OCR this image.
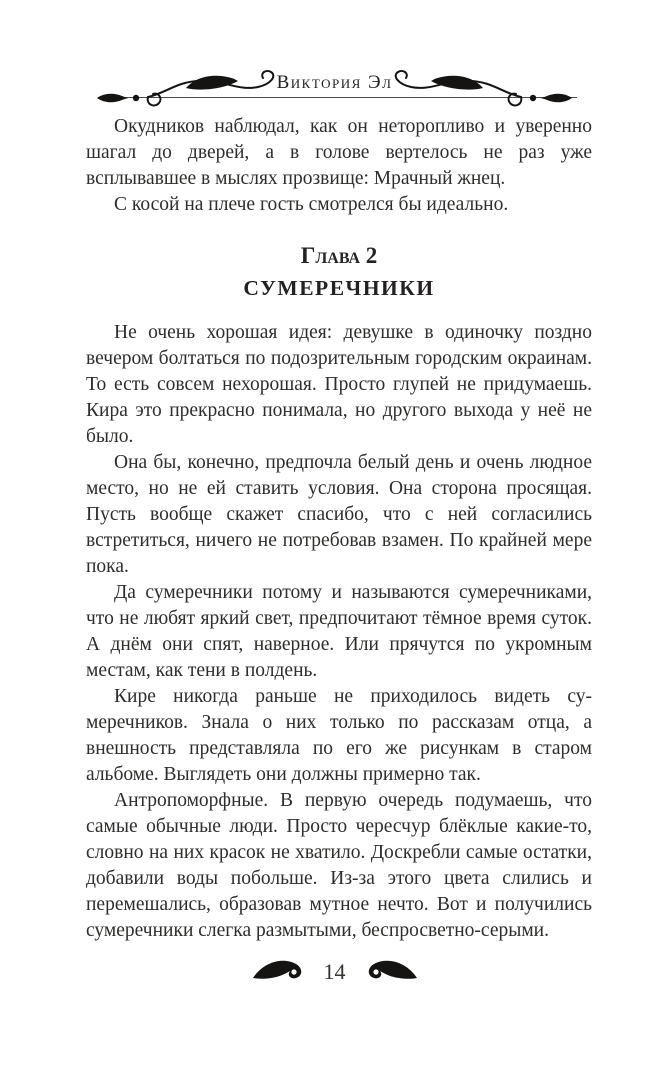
Виктория Эл

Окудников наблюдал, как он неторопливо и уверенно шагал до дверей, а в голове вертелось не раз уже всплывавшее в мыслях прозвище: Мрачный жнец.

С косой на плече гость смотрелся бы идеально.

Глава 2
СУМЕРЕЧНИКИ

Не очень хорошая идея: девушке в одиночку поздно вечером болтаться по подозрительным городским окраинам. То есть совсем нехорошая. Просто глупей не придумаешь. Кира это прекрасно понимала, но другого выхода у неё не было.

Она бы, конечно, предпочла белый день и очень людное место, но не ей ставить условия. Она сторона просящая. Пусть вообще скажет спасибо, что с ней согласились встретиться, ничего не потребовав взамен. По крайней мере пока.

Да сумеречники потому и называются сумеречниками, что не любят яркий свет, предпочитают тёмное время суток. А днём они спят, наверное. Или прячутся по укромным местам, как тени в полдень.

Кире никогда раньше не приходилось видеть сумеречников. Знала о них только по рассказам отца, а внешность представляла по его же рисункам в старом альбоме. Выглядеть они должны примерно так.

Антропоморфные. В первую очередь подумаешь, что самые обычные люди. Просто чересчур блёклые какие-то, словно на них красок не хватило. Доскребли самые остатки, добавили воды побольше. Из-за этого цвета слились и перемешались, образовав мутное нечто. Вот и получились сумеречники слегка размытыми, беспросветно-серыми.

14
